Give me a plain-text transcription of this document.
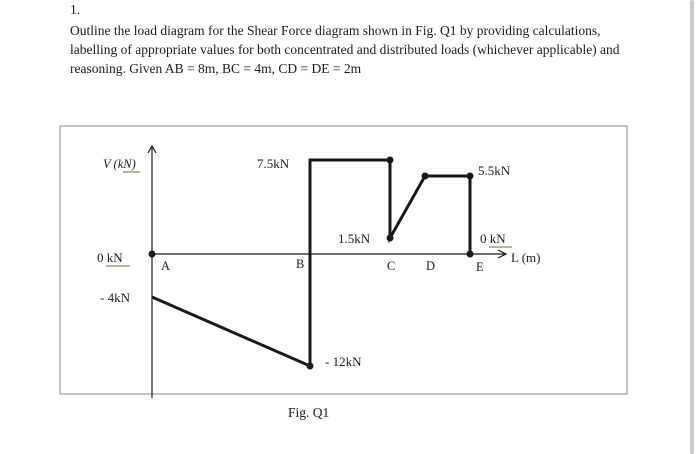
1.

Outline the load diagram for the Shear Force diagram shown in Fig. Q1 by providing calculations, labelling of appropriate values for both concentrated and distributed loads (whichever applicable) and reasoning. Given AB = 8m, BC = 4m, CD = DE = 2m

V (kN)
L (m)
0 kN
- 4kN
0 kN
7.5kN
1.5kN
5.5kN
- 12kN
A	B	C D	E
Fig. Q1
